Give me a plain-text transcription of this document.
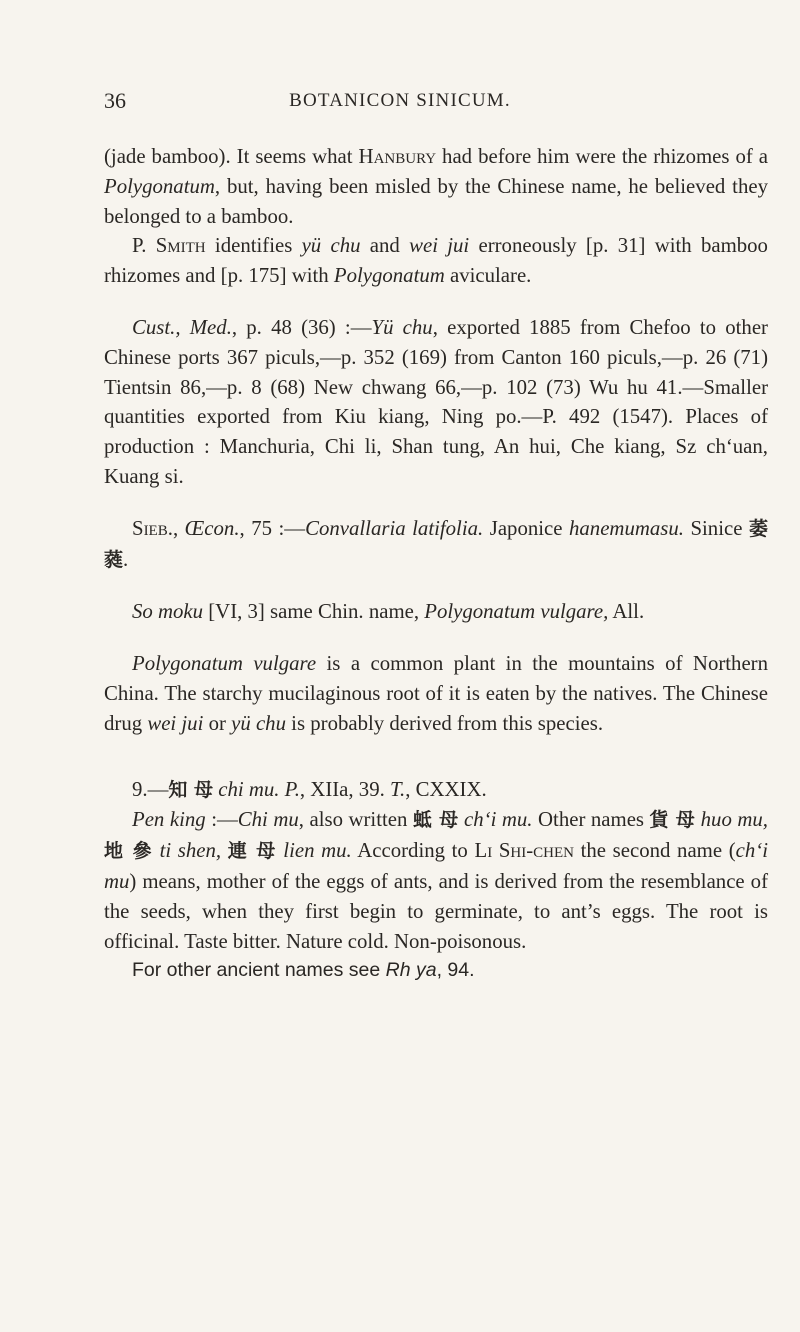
36	BOTANICON SINICUM.

(jade bamboo). It seems what Hanbury had before him were the rhizomes of a Polygonatum, but, having been misled by the Chinese name, he believed they belonged to a bamboo.

P. Smith identifies yü chu and wei jui erroneously [p. 31] with bamboo rhizomes and [p. 175] with Polygonatum aviculare.

Cust., Med., p. 48 (36) :—Yü chu, exported 1885 from Chefoo to other Chinese ports 367 piculs,—p. 352 (169) from Canton 160 piculs,—p. 26 (71) Tientsin 86,—p. 8 (68) New chwang 66,—p. 102 (73) Wu hu 41.—Smaller quantities exported from Kiu kiang, Ning po.—P. 492 (1547). Places of production : Manchuria, Chi li, Shan tung, An hui, Che kiang, Sz ch‘uan, Kuang si.

Sieb., Œcon., 75 :—Convallaria latifolia. Japonice hanemumasu. Sinice 萎 蕤.

So moku [VI, 3] same Chin. name, Polygonatum vulgare, All.

Polygonatum vulgare is a common plant in the mountains of Northern China. The starchy mucilaginous root of it is eaten by the natives. The Chinese drug wei jui or yü chu is probably derived from this species.

9.—知 母 chi mu. P., XIIa, 39. T., CXXIX.

Pen king :—Chi mu, also written 蚳 母 ch‘i mu. Other names 貨 母 huo mu, 地 參 ti shen, 連 母 lien mu. According to Li Shi-chen the second name (ch‘i mu) means, mother of the eggs of ants, and is derived from the resemblance of the seeds, when they first begin to germinate, to ant’s eggs. The root is officinal. Taste bitter. Nature cold. Non-poisonous.

For other ancient names see Rh ya, 94.
